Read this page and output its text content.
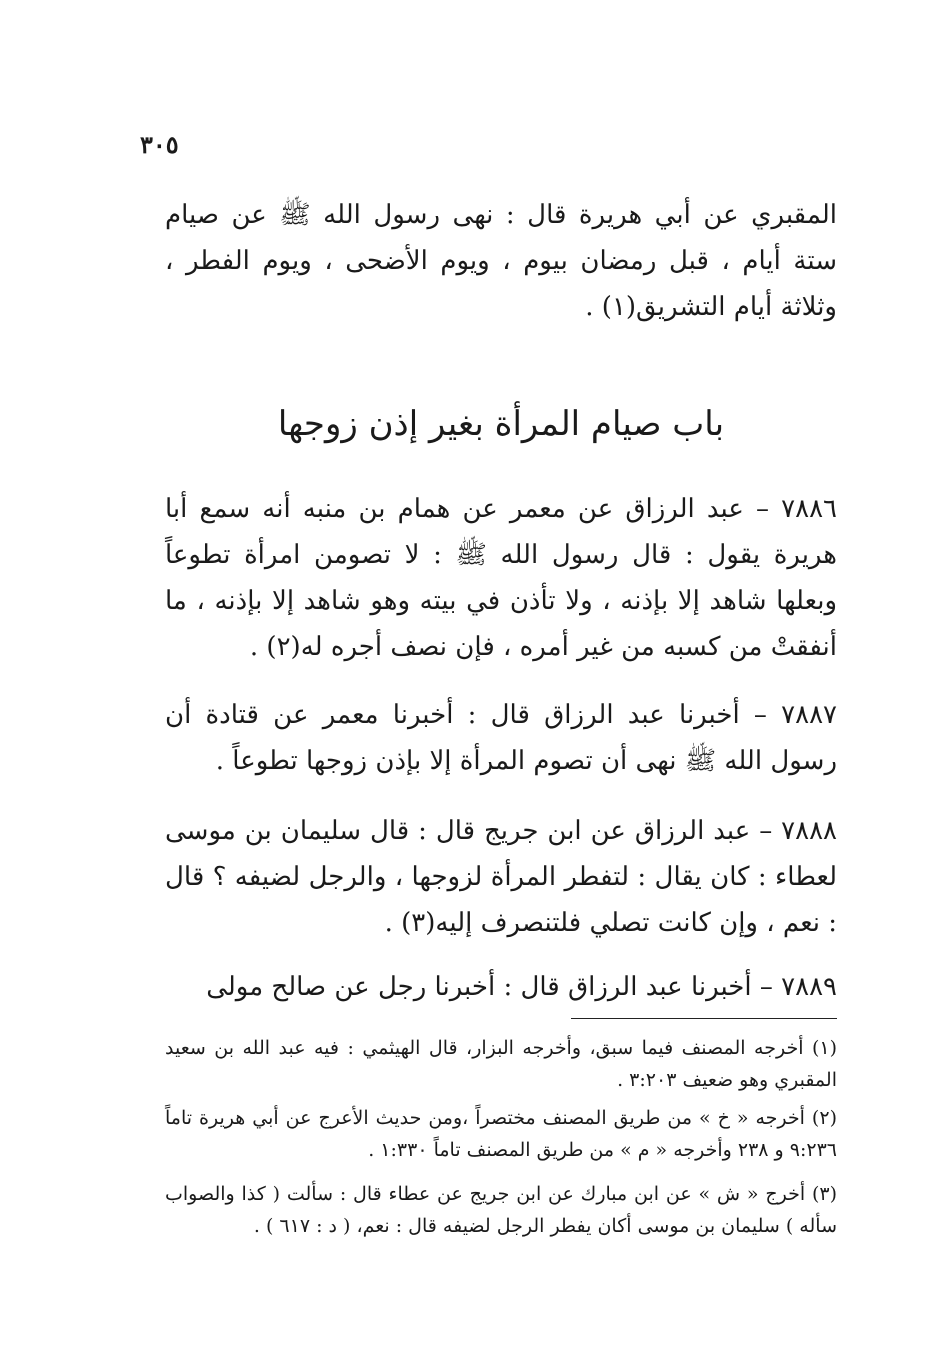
٣٠٥

المقبري عن أبي هريرة قال : نهى رسول الله ﷺ عن صيام ستة أيام ، قبل رمضان بيوم ، ويوم الأضحى ، ويوم الفطر ، وثلاثة أيام التشريق(١) .

باب صيام المرأة بغير إذن زوجها

٧٨٨٦ – عبد الرزاق عن معمر عن همام بن منبه أنه سمع أبا هريرة يقول : قال رسول الله ﷺ : لا تصومن امرأة تطوعاً وبعلها شاهد إلا بإذنه ، ولا تأذن في بيته وهو شاهد إلا بإذنه ، ما أنفقتْ من كسبه من غير أمره ، فإن نصف أجره له(٢) .

٧٨٨٧ – أخبرنا عبد الرزاق قال : أخبرنا معمر عن قتادة أن رسول الله ﷺ نهى أن تصوم المرأة إلا بإذن زوجها تطوعاً .

٧٨٨٨ – عبد الرزاق عن ابن جريج قال : قال سليمان بن موسى لعطاء : كان يقال : لتفطر المرأة لزوجها ، والرجل لضيفه ؟ قال : نعم ، وإن كانت تصلي فلتنصرف إليه(٣) .

٧٨٨٩ – أخبرنا عبد الرزاق قال : أخبرنا رجل عن صالح مولى

(١) أخرجه المصنف فيما سبق، وأخرجه البزار، قال الهيثمي : فيه عبد الله بن سعيد المقبري وهو ضعيف ٣:٢٠٣ .

(٢) أخرجه « خ » من طريق المصنف مختصراً ،ومن حديث الأعرج عن أبي هريرة تاماً ٩:٢٣٦ و ٢٣٨ وأخرجه « م » من طريق المصنف تاماً ١:٣٣٠ .

(٣) أخرج « ش » عن ابن مبارك عن ابن جريج عن عطاء قال : سألت ( كذا والصواب سأله ) سليمان بن موسى أكان يفطر الرجل لضيفه قال : نعم، ( د : ٦١٧ ) .
